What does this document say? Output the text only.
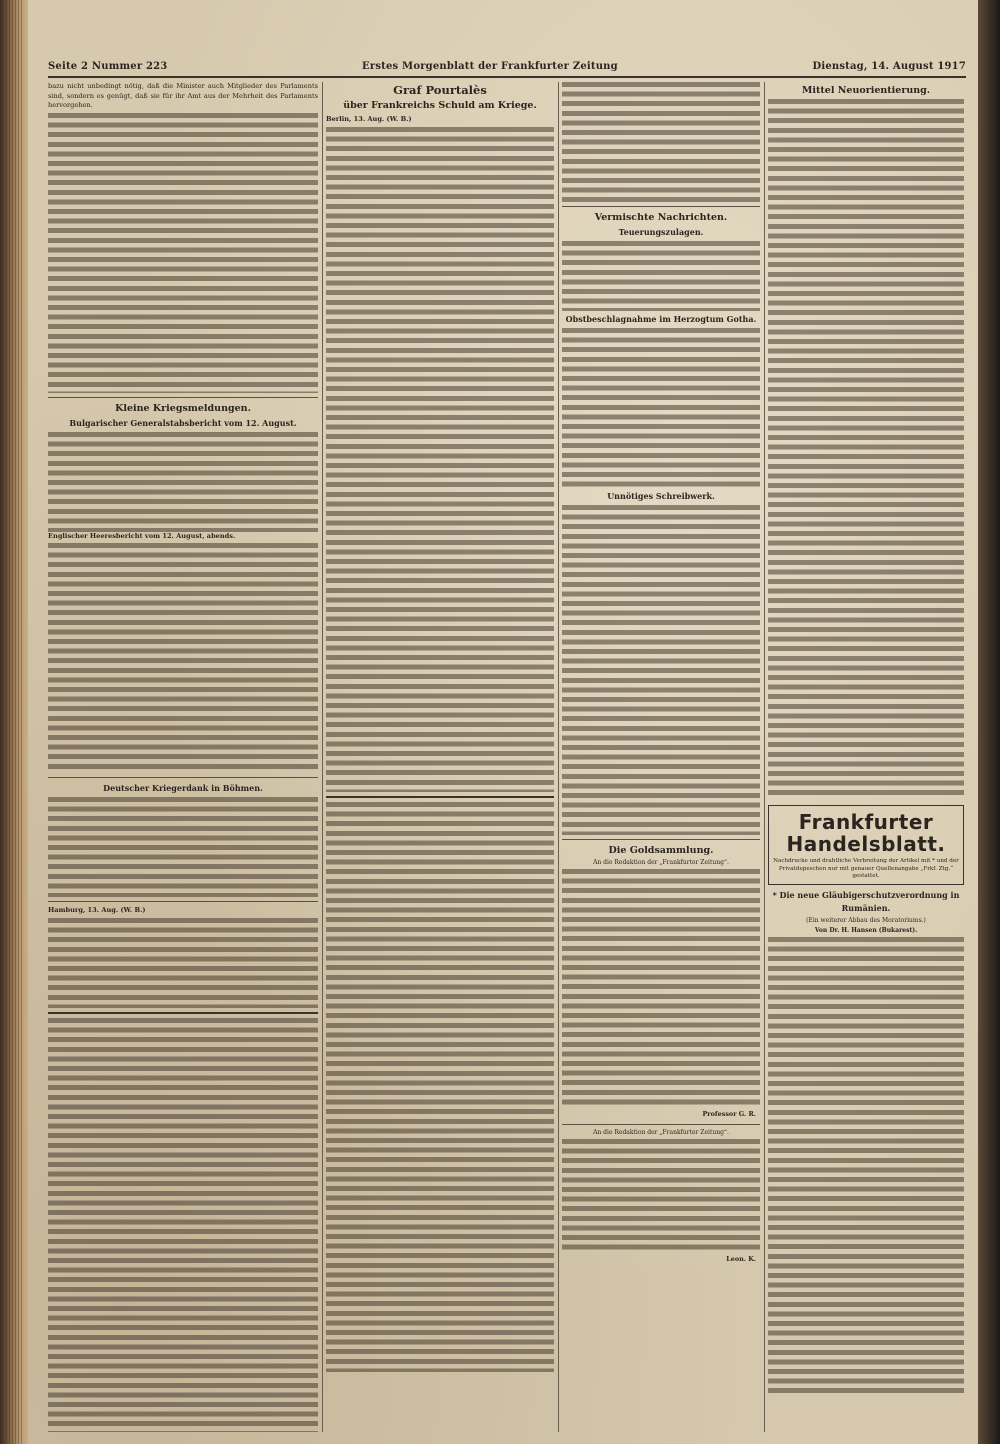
Seite 2 Nummer 223	Erstes Morgenblatt der Frankfurter Zeitung	Dienstag, 14. August 1917
bazu nicht unbedingt nötig, daß die Minister auch Mitglieder des Parlaments sind, sondern es genügt, daß sie für ihr Amt aus der Mehrheit des Parlaments hervorgehen.
Kleine Kriegsmeldungen.
Bulgarischer Generalstabsbericht vom 12. August.
Englischer Heeresbericht vom 12. August, abends.
Deutscher Kriegerdank in Böhmen.
Hamburg, 13. Aug. (W. B.)
Graf Pourtalès
über Frankreichs Schuld am Kriege.
Berlin, 13. Aug. (W. B.)
Vermischte Nachrichten.
Teuerungszulagen.
Obstbeschlagnahme im Herzogtum Gotha.
Unnötiges Schreibwerk.
Die Goldsammlung.
An die Redaktion der „Frankfurter Zeitung“.
Professor G. R.
An die Redaktion der „Frankfurter Zeitung“.
Leon. K.
Mittel Neuorientierung.
Frankfurter Handelsblatt.
Nachdrucke und drahtliche Verbreitung der Artikel mit * und der Privatdepeschen nur mit genauer Quellenangabe „Frkf. Ztg.“ gestattet.
* Die neue Gläubigerschutzverordnung in Rumänien.
(Ein weiterer Abbau des Moratoriums.)
Von Dr. H. Hansen (Bukarest).
